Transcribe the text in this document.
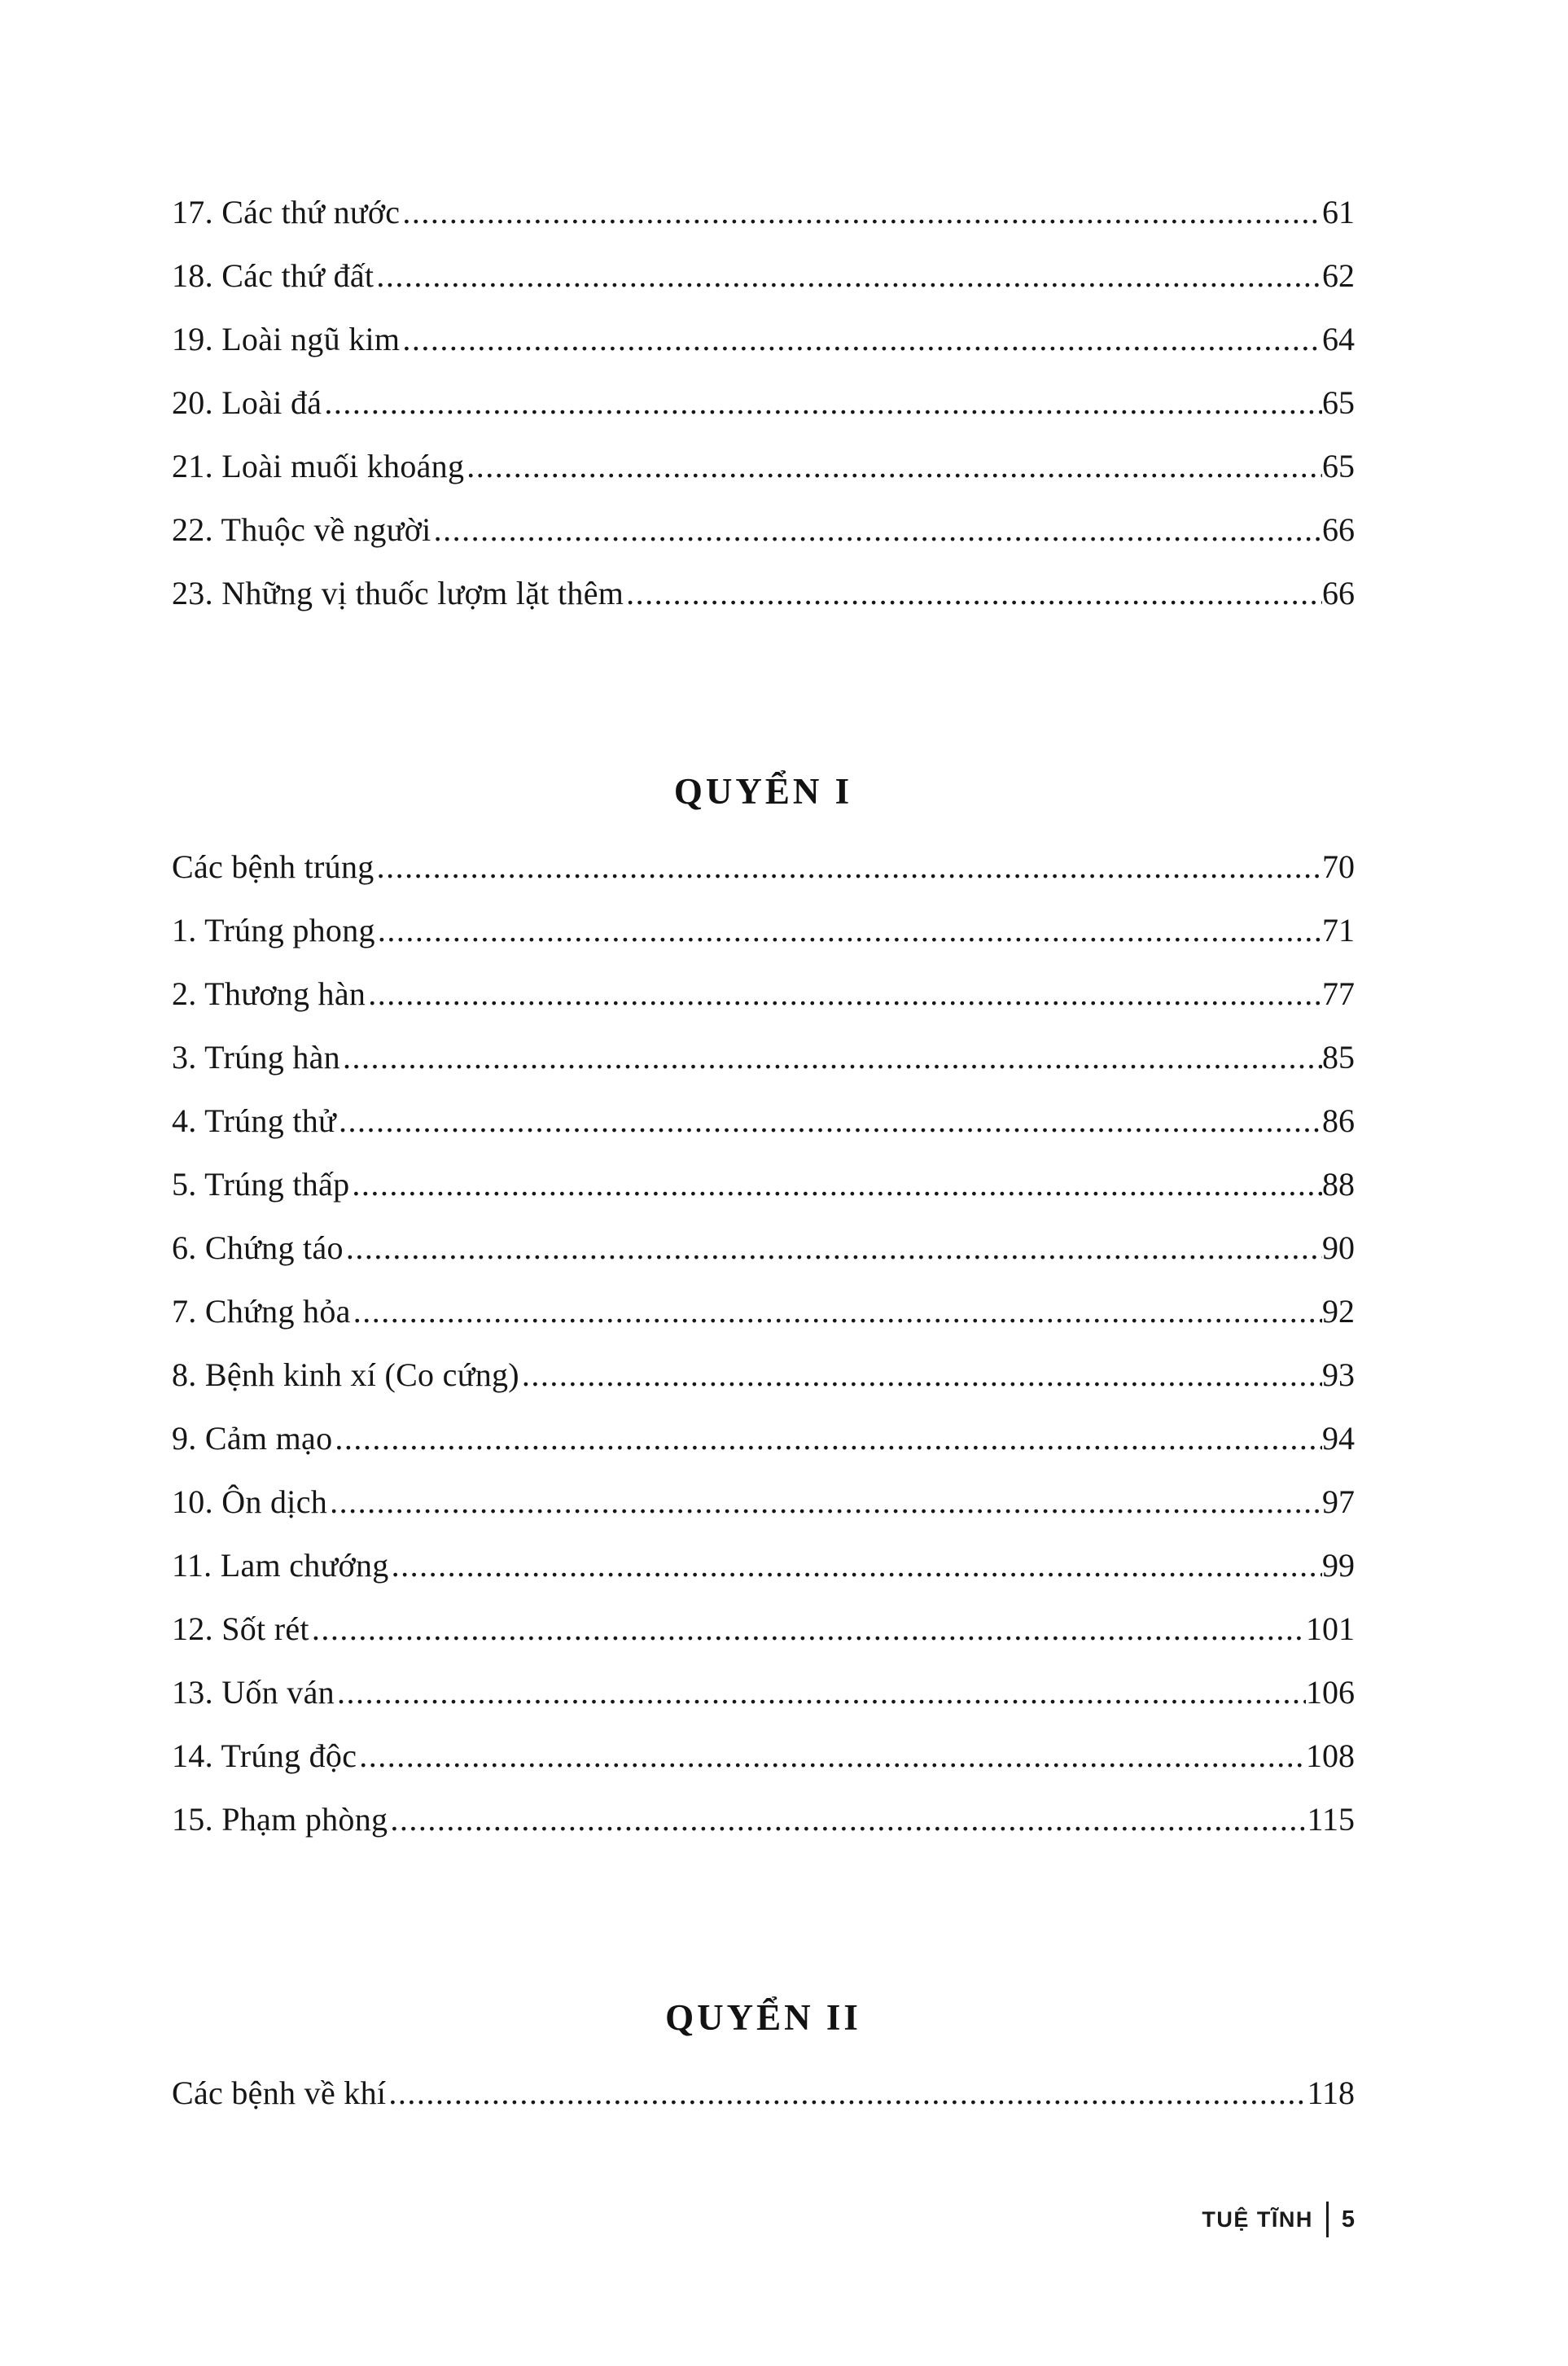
17. Các thứ nước .....	61
18. Các thứ đất .....	62
19. Loài ngũ kim .....	64
20. Loài đá .....	65
21. Loài muối khoáng .....	65
22. Thuộc về người .....	66
23. Những vị thuốc lượm lặt thêm .....	66
QUYỂN I
Các bệnh trúng .....	70
1. Trúng phong .....	71
2. Thương hàn .....	77
3. Trúng hàn .....	85
4. Trúng thử .....	86
5. Trúng thấp .....	88
6. Chứng táo .....	90
7. Chứng hỏa .....	92
8. Bệnh kinh xí (Co cứng) .....	93
9. Cảm mạo .....	94
10. Ôn dịch .....	97
11. Lam chướng .....	99
12. Sốt rét .....	101
13. Uốn ván .....	106
14. Trúng độc .....	108
15. Phạm phòng .....	115
QUYỂN II
Các bệnh về khí .....	118
TUỆ TĨNH 5
